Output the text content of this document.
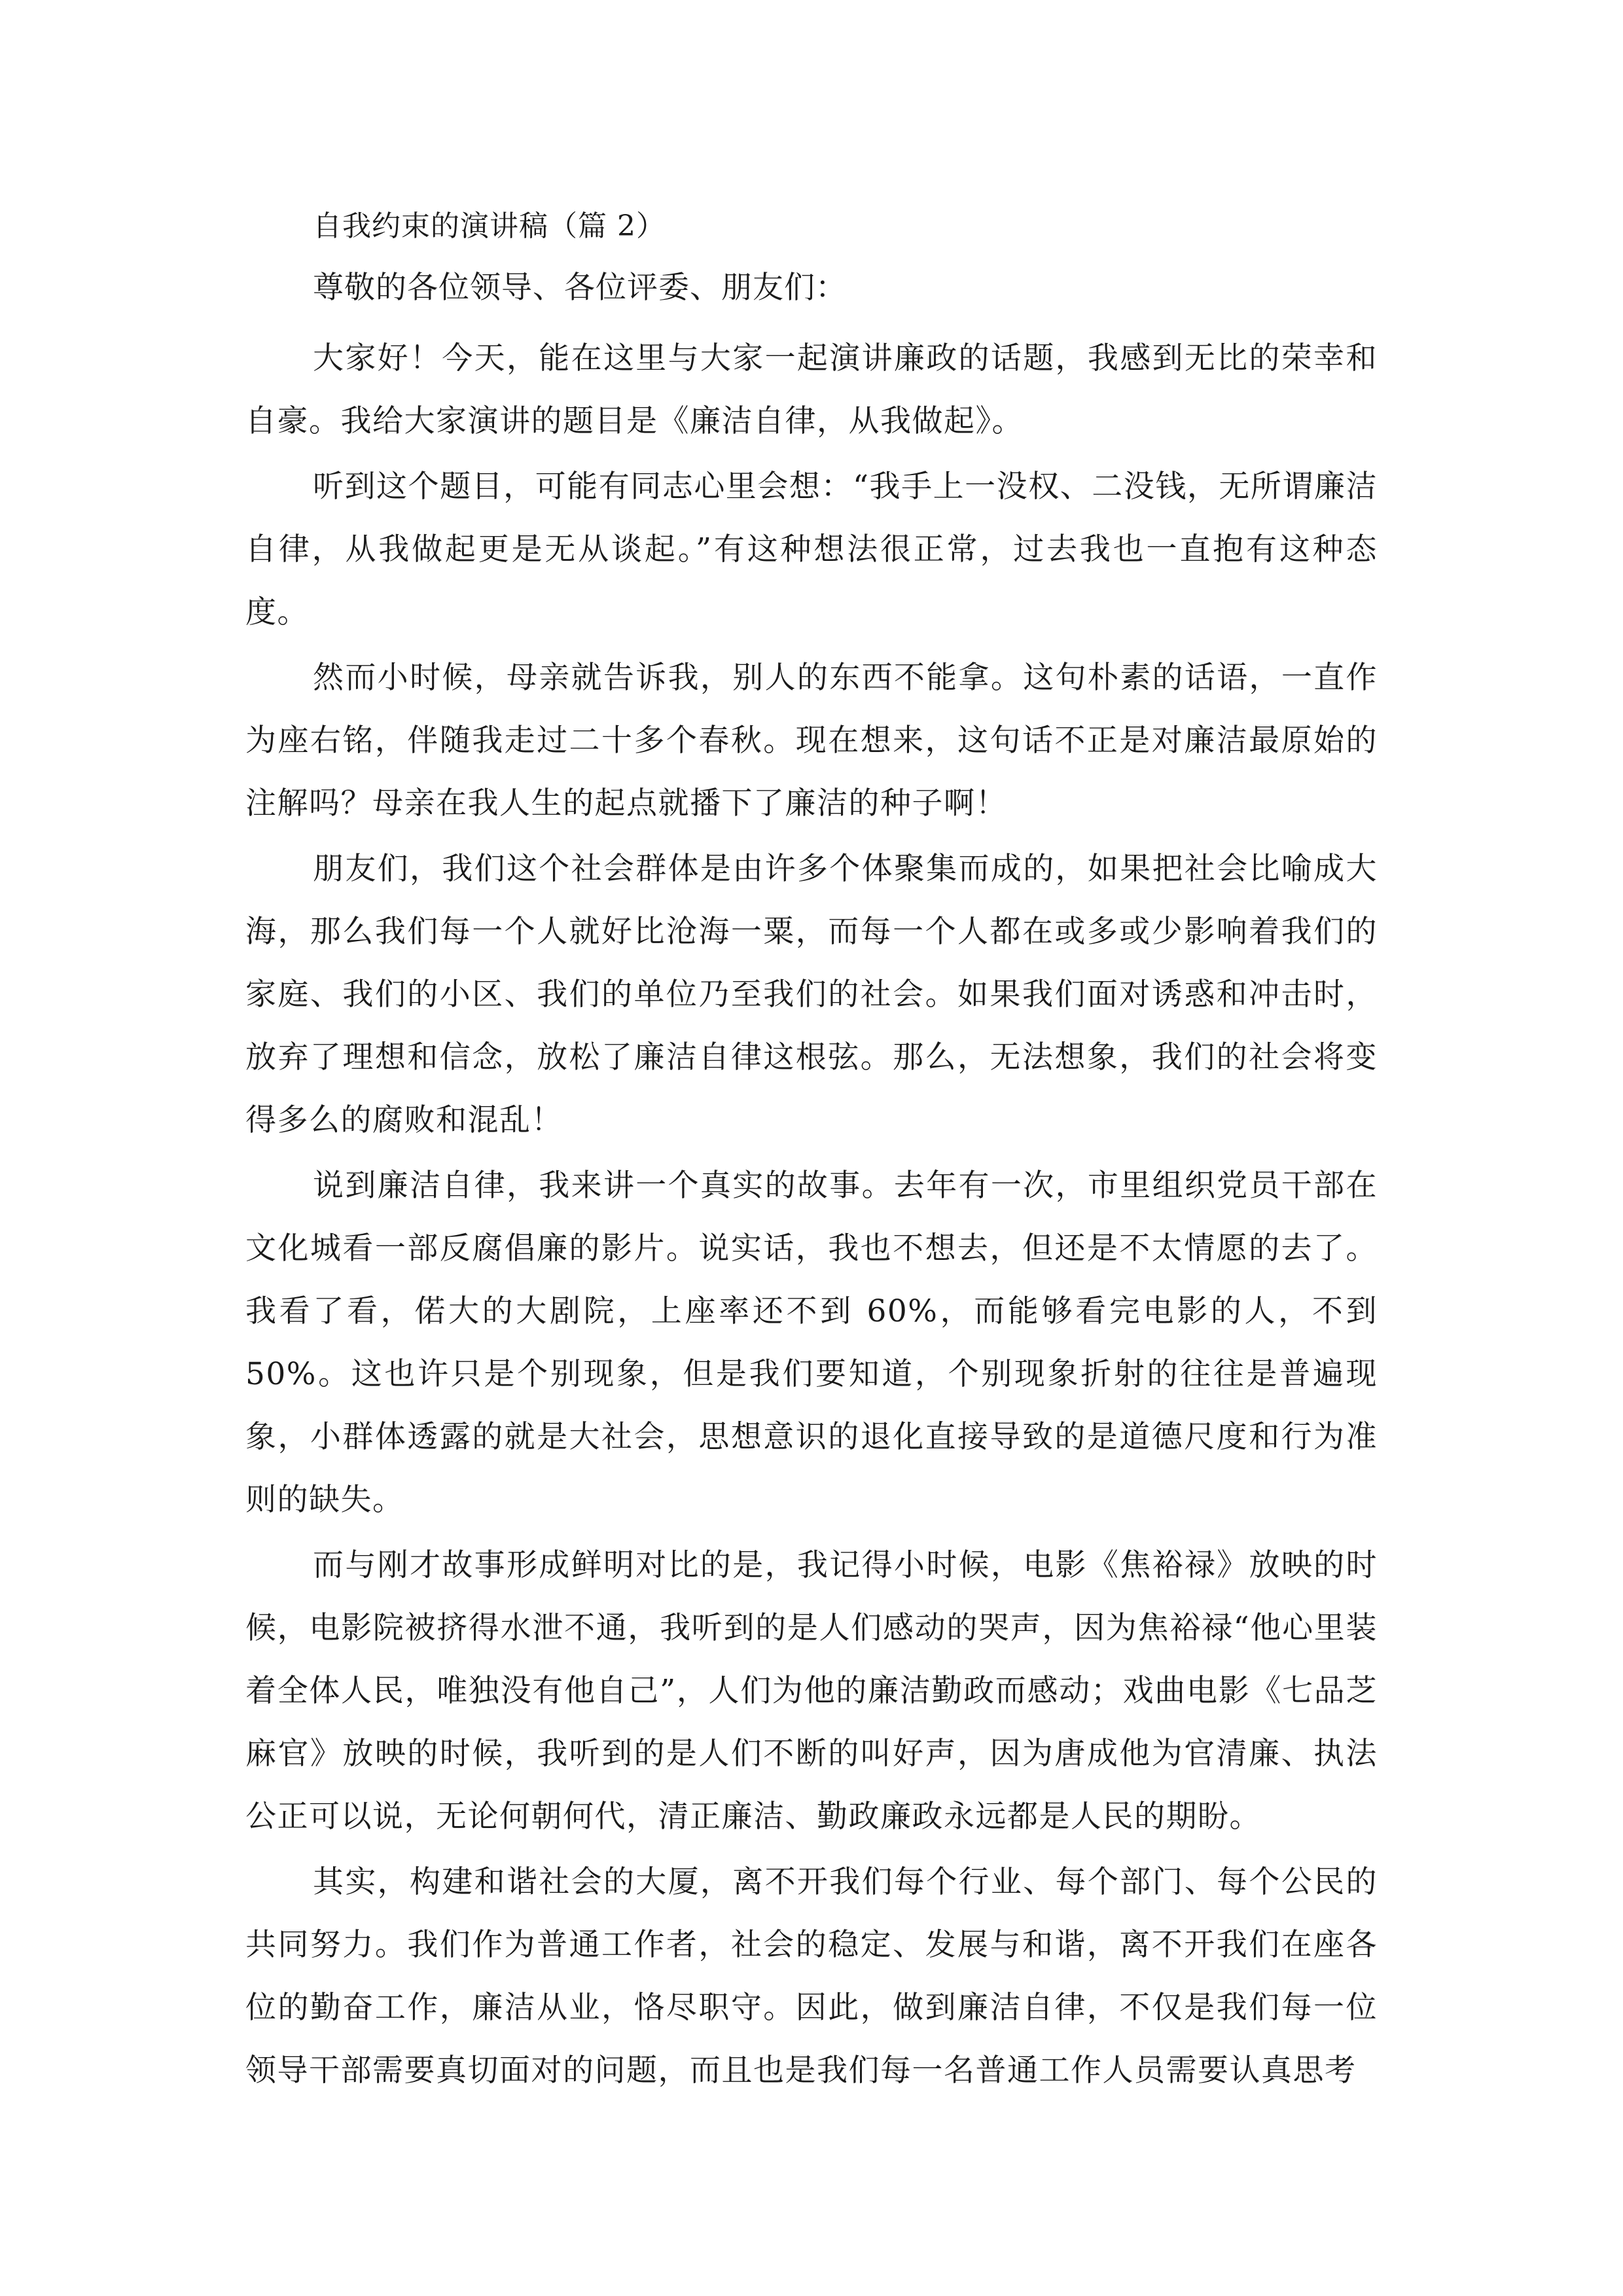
自我约束的演讲稿（篇 2）
尊敬的各位领导、各位评委、朋友们：

大家好！今天，能在这里与大家一起演讲廉政的话题，我感到无比的荣幸和自豪。我给大家演讲的题目是《廉洁自律，从我做起》。

听到这个题目，可能有同志心里会想：“我手上一没权、二没钱，无所谓廉洁自律，从我做起更是无从谈起。”有这种想法很正常，过去我也一直抱有这种态度。

然而小时候，母亲就告诉我，别人的东西不能拿。这句朴素的话语，一直作为座右铭，伴随我走过二十多个春秋。现在想来，这句话不正是对廉洁最原始的注解吗？母亲在我人生的起点就播下了廉洁的种子啊！

朋友们，我们这个社会群体是由许多个体聚集而成的，如果把社会比喻成大海，那么我们每一个人就好比沧海一粟，而每一个人都在或多或少影响着我们的家庭、我们的小区、我们的单位乃至我们的社会。如果我们面对诱惑和冲击时，放弃了理想和信念，放松了廉洁自律这根弦。那么，无法想象，我们的社会将变得多么的腐败和混乱！

说到廉洁自律，我来讲一个真实的故事。去年有一次，市里组织党员干部在文化城看一部反腐倡廉的影片。说实话，我也不想去，但还是不太情愿的去了。我看了看，偌大的大剧院，上座率还不到 60%，而能够看完电影的人，不到 50%。这也许只是个别现象，但是我们要知道，个别现象折射的往往是普遍现象，小群体透露的就是大社会，思想意识的退化直接导致的是道德尺度和行为准则的缺失。

而与刚才故事形成鲜明对比的是，我记得小时候，电影《焦裕禄》放映的时候，电影院被挤得水泄不通，我听到的是人们感动的哭声，因为焦裕禄“他心里装着全体人民，唯独没有他自己”，人们为他的廉洁勤政而感动；戏曲电影《七品芝麻官》放映的时候，我听到的是人们不断的叫好声，因为唐成他为官清廉、执法公正可以说，无论何朝何代，清正廉洁、勤政廉政永远都是人民的期盼。

其实，构建和谐社会的大厦，离不开我们每个行业、每个部门、每个公民的共同努力。我们作为普通工作者，社会的稳定、发展与和谐，离不开我们在座各位的勤奋工作，廉洁从业，恪尽职守。因此，做到廉洁自律，不仅是我们每一位领导干部需要真切面对的问题，而且也是我们每一名普通工作人员需要认真思考
